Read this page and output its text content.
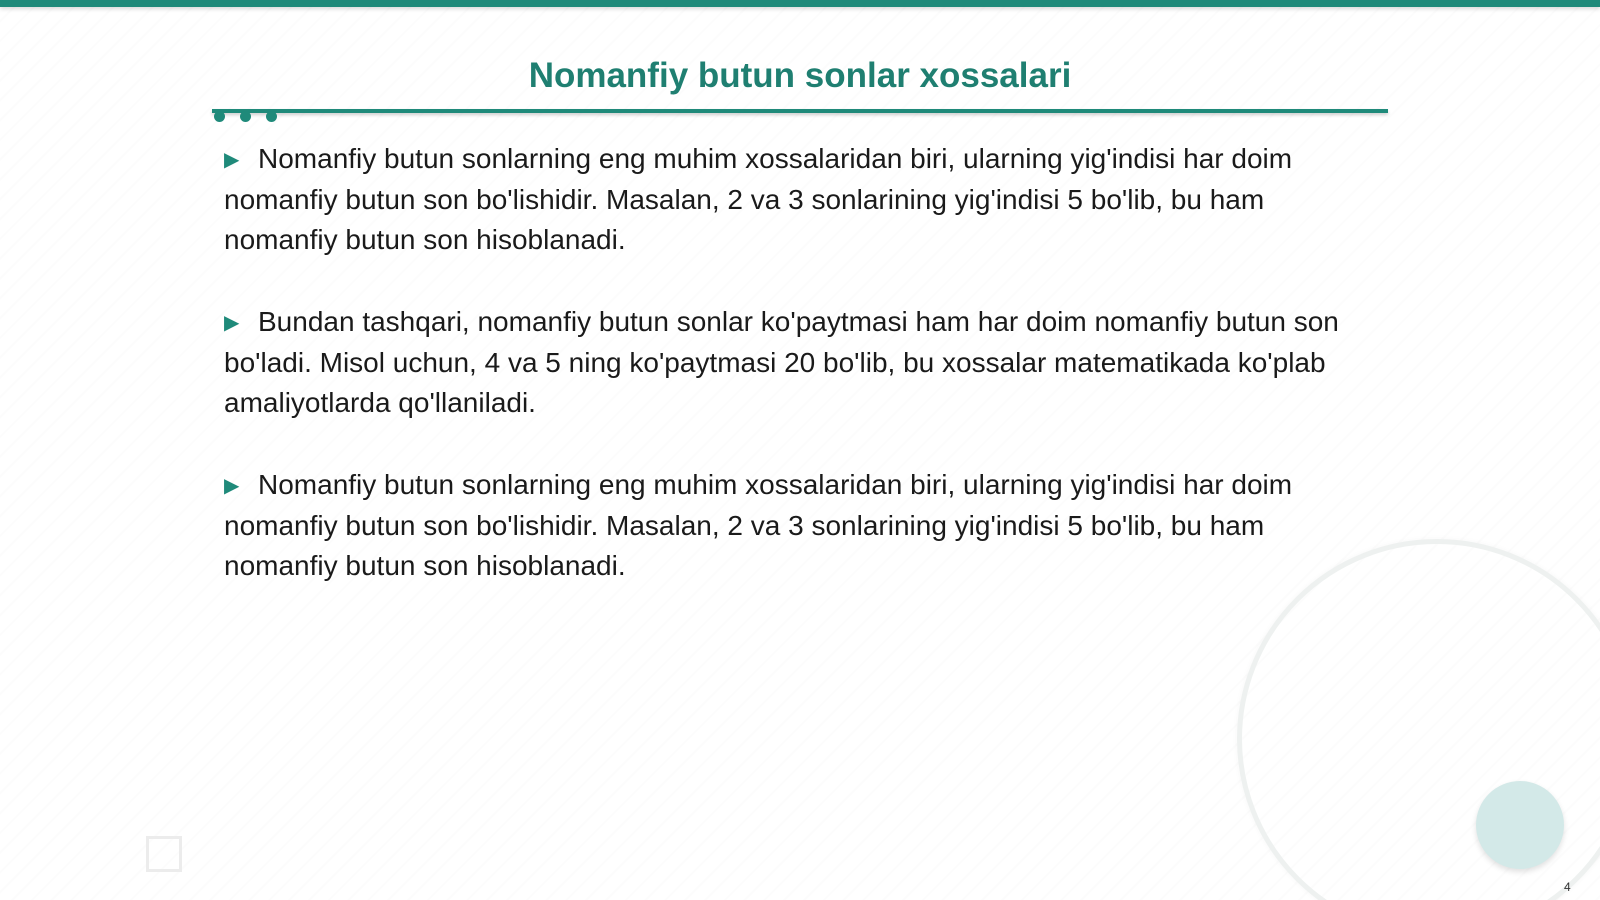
Nomanfiy butun sonlar xossalari

▶ Nomanfiy butun sonlarning eng muhim xossalaridan biri, ularning yig'indisi har doim nomanfiy butun son bo'lishidir. Masalan, 2 va 3 sonlarining yig'indisi 5 bo'lib, bu ham nomanfiy butun son hisoblanadi.

▶ Bundan tashqari, nomanfiy butun sonlar ko'paytmasi ham har doim nomanfiy butun son bo'ladi. Misol uchun, 4 va 5 ning ko'paytmasi 20 bo'lib, bu xossalar matematikada ko'plab amaliyotlarda qo'llaniladi.

▶ Nomanfiy butun sonlarning eng muhim xossalaridan biri, ularning yig'indisi har doim nomanfiy butun son bo'lishidir. Masalan, 2 va 3 sonlarining yig'indisi 5 bo'lib, bu ham nomanfiy butun son hisoblanadi.

4
